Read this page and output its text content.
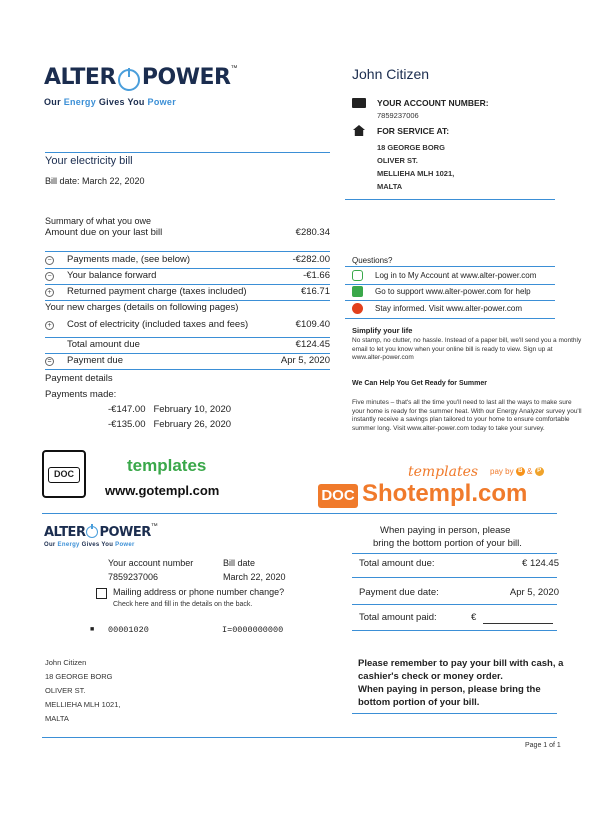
ALTER POWER™
Our Energy Gives You Power
John Citizen
YOUR ACCOUNT NUMBER:
7859237006
FOR SERVICE AT:
18 GEORGE BORG
OLIVER ST.
MELLIEHA MLH 1021,
MALTA
Your electricity bill
Bill date: March 22, 2020
Summary of what you owe
Amount due on your last bill	€280.34
− Payments made, (see below)	-€282.00
− Your balance forward	-€1.66
+ Returned payment charge (taxes included)	€16.71
Your new charges (details on following pages)
+ Cost of electricity (included taxes and fees)	€109.40
Total amount due	€124.45
= Payment due	Apr 5, 2020
Payment details
Payments made:
-€147.00 February 10, 2020
-€135.00 February 26, 2020
Questions?
Log in to My Account at www.alter-power.com
Go to support www.alter-power.com for help
Stay informed. Visit www.alter-power.com
Simplify your life
No stamp, no clutter, no hassle. Instead of a paper bill, we'll send you a monthly email to let you know when your online bill is ready to view. Sign up at www.alter-power.com
We Can Help You Get Ready for Summer
Five minutes – that's all the time you'll need to last all the ways to make sure your home is ready for the summer heat. With our Energy Analyzer survey you'll instantly receive a savings plan tailored to your home to ensure comfortable summer long. Visit www.alter-power.com today to take your survey.
DOC	templates
www.gotempl.com	DOC Shotempl.com
templates pay by B & P
ALTER POWER™
Our Energy Gives You Power
Your account number
7859237006
Bill date
March 22, 2020
Mailing address or phone number change?
Check here and fill in the details on the back.
■ 00001020	I=0000000000
John Citizen
18 GEORGE BORG
OLIVER ST.
MELLIEHA MLH 1021,
MALTA
When paying in person, please
bring the bottom portion of your bill.
Total amount due:	€ 124.45
Payment due date:	Apr 5, 2020
Total amount paid:	€
Please remember to pay your bill with cash, a
cashier's check or money order.
When paying in person, please bring the
bottom portion of your bill.
Page 1 of 1
